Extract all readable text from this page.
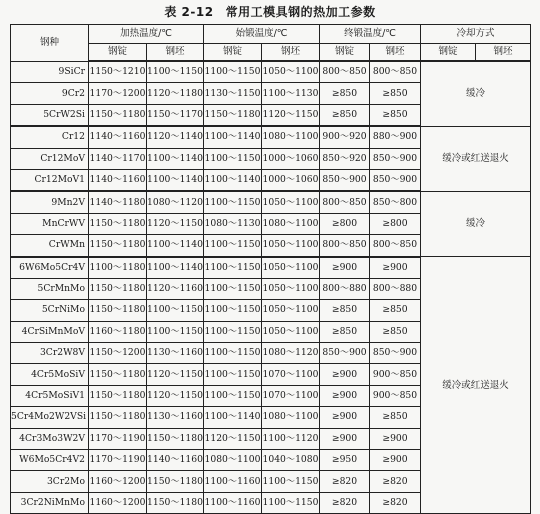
表 2-12 常用工模具钢的热加工参数
钢种	加热温度/℃		始锻温度/℃		终锻温度/℃		冷却方式	
	钢锭	钢坯	钢锭	钢坯	钢锭	钢坯	钢锭	钢坯
9SiCr	1150～1210	1100～1150	1100～1150	1050～1100	800～850	800～850	缓冷	
9Cr2	1170～1200	1120～1180	1130～1150	1100～1130	≥850	≥850		
5CrW2Si	1150～1180	1150～1170	1150～1180	1120～1150	≥850	≥850		
Cr12	1140～1160	1120～1140	1100～1140	1080～1100	900～920	880～900	缓冷或红送退火	
Cr12MoV	1140～1170	1100～1140	1100～1150	1000～1060	850～920	850～900		
Cr12MoV1	1140～1160	1100～1140	1100～1140	1000～1060	850～900	850～900		
9Mn2V	1140～1180	1080～1120	1100～1150	1050～1100	800～850	850～800	缓冷	
MnCrWV	1150～1180	1120～1150	1080～1130	1080～1100	≥800	≥800		
CrWMn	1150～1180	1100～1140	1100～1150	1050～1100	800～850	800～850		
6W6Mo5Cr4V	1100～1180	1100～1140	1100～1150	1050～1100	≥900	≥900	缓冷或红送退火	
5CrMnMo	1150～1180	1120～1160	1100～1150	1050～1100	800～880	800～880		
5CrNiMo	1150～1180	1100～1150	1100～1150	1050～1100	≥850	≥850		
4CrSiMnMoV	1160～1180	1100～1150	1100～1150	1050～1100	≥850	≥850		
3Cr2W8V	1150～1200	1130～1160	1100～1150	1080～1120	850～900	850～900		
4Cr5MoSiV	1150～1180	1120～1150	1100～1150	1070～1100	≥900	900～850		
4Cr5MoSiV1	1150～1180	1120～1150	1100～1150	1070～1100	≥900	900～850		
5Cr4Mo2W2VSi	1150～1180	1130～1160	1100～1140	1080～1100	≥900	≥850		
4Cr3Mo3W2V	1170～1190	1150～1180	1120～1150	1100～1120	≥900	≥900		
W6Mo5Cr4V2	1170～1190	1140～1160	1080～1100	1040～1080	≥950	≥900		
3Cr2Mo	1160～1200	1150～1180	1100～1160	1100～1150	≥820	≥820		
3Cr2NiMnMo	1160～1200	1150～1180	1100～1160	1100～1150	≥820	≥820		
